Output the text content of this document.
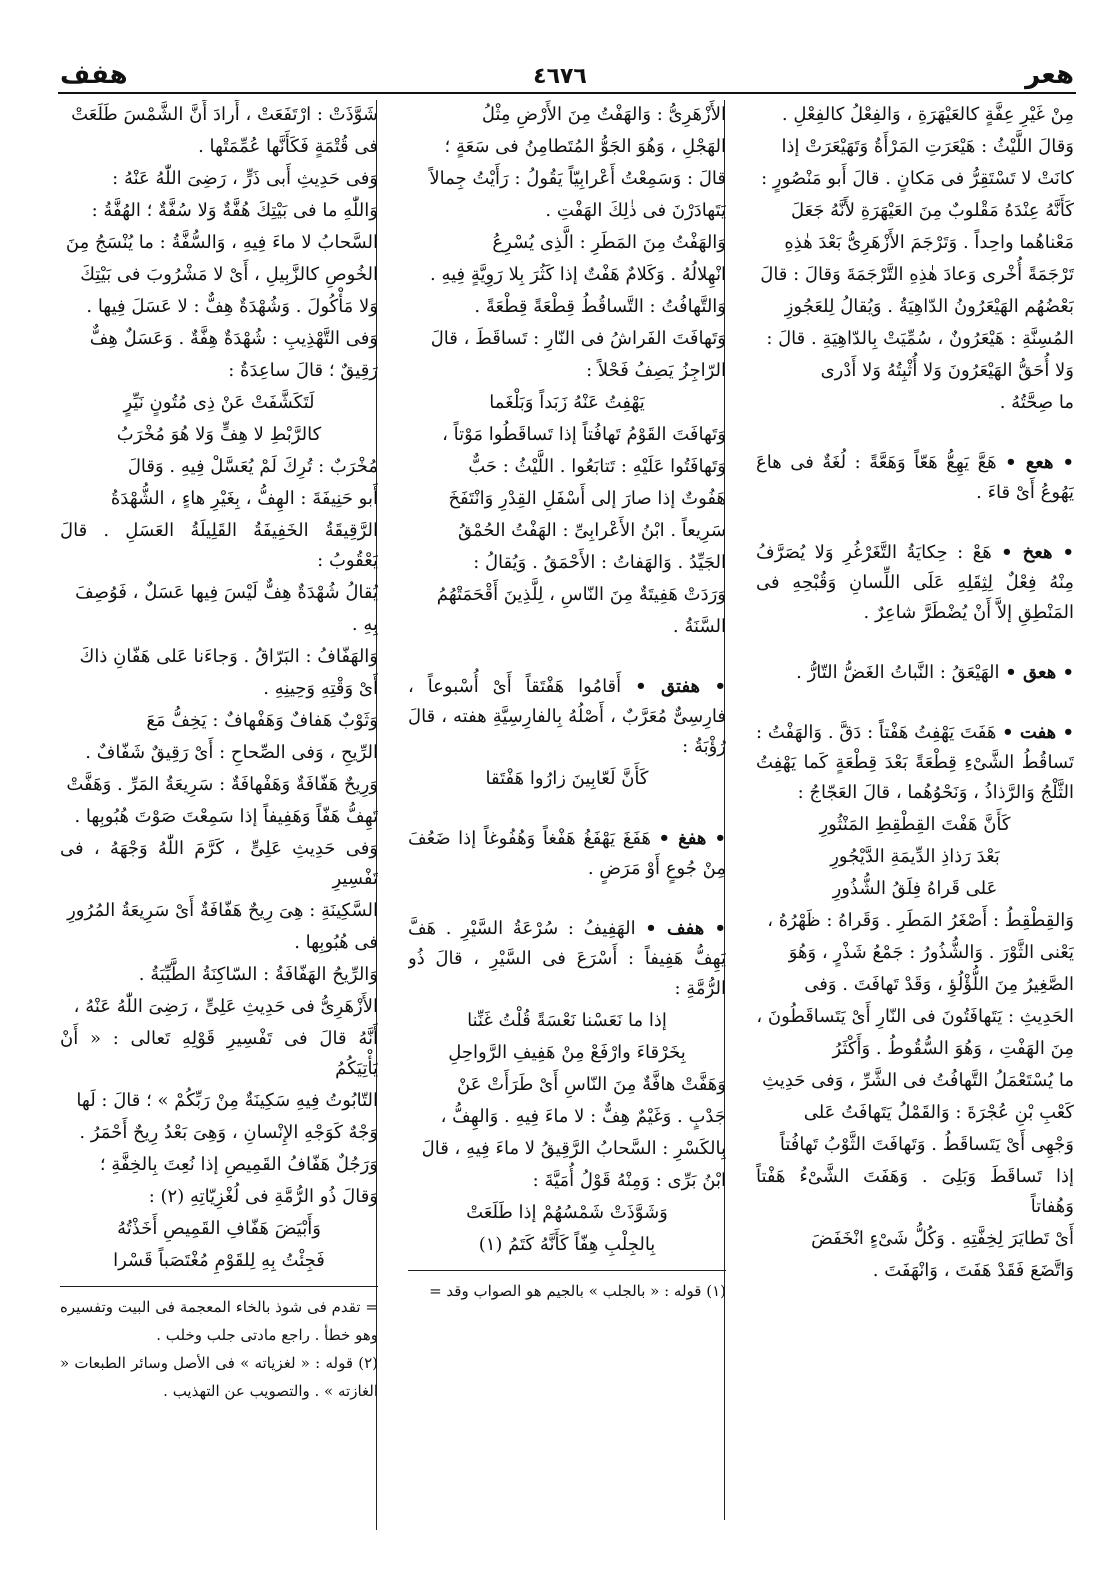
هعر
٤٦٧٦
هفف

مِنْ غَيْرِ عِفَّةٍ كالعَيْهَرَةِ ، وَالفِعْلُ كالفِعْلِ .

وَقالَ اللَّيْثُ : هَيْعَرَتِ المَرْأَةُ وَتَهَيْعَرَتْ إذا

كانَتْ لا تَسْتَقِرُّ فى مَكانٍ . قالَ أَبو مَنْصُورٍ :

كَأَنَّهُ عِنْدَهُ مَقْلوبٌ مِنَ العَيْهَرَةِ لأَنَّهُ جَعَلَ

مَعْناهُما واحِداً . وَتَرْجَمَ الأَزْهَرِىُّ بَعْدَ هٰذِهِ

تَرْجَمَةً أُخْرى وَعادَ هٰذِهِ التَّرْجَمَةَ وَقالَ : قالَ

بَعْضُهُم الهَيْعَرُونُ الدّاهِيَةُ . وَيُقالُ لِلعَجُوزِ

المُسِنَّةِ : هَيْعَرُونٌ ، سُمِّيَتْ بِالدّاهِيَةِ . قالَ :

وَلا أُحَقُّ الهَيْعَرُونَ وَلا أُثْبِتُهُ وَلا أَدْرى

ما صِحَّتُهُ .

• هعع • هَعَّ يَهِعُّ هَعّاً وَهَعَّةً : لُغَةٌ فى هاعَ يَهُوعُ أَىْ قاءَ .

• هعخ • هَعْ : حِكايَةُ التَّغَرْغُرِ وَلا يُصَرَّفُ مِنْهُ فِعْلٌ لِثِقَلِهِ عَلَى اللِّسانِ وَقُبْحِهِ فى المَنْطِقِ إلاَّ أَنْ يُضْطَرَّ شاعِرٌ .

• هعق • الهَيْعَقُ : النَّباتُ الغَضُّ التّارُّ .

• هفت • هَفَتَ يَهْفِتُ هَفْتاً : دَقَّ . وَالهَفْتُ : تَساقُطُ الشَّىْءِ قِطْعَةً بَعْدَ قِطْعَةٍ كَما يَهْفِتُ الثَّلْجُ وَالرَّذاذُ ، وَنَحْوُهُما ، قالَ العَجّاجُ :

كَأَنَّ هَفْتَ القِطْقِطِ المَنْثُورِ

بَعْدَ رَذاذِ الدِّيمَةِ الدَّيْجُورِ

عَلى قَراهُ فِلَقُ الشُّذُورِ

وَالقِطْقِطُ : أَصْغَرُ المَطَرِ . وَقَراهُ : ظَهْرُهُ ،

يَعْنى الثَّوْرَ . وَالشُّذُورُ : جَمْعُ شَذْرٍ ، وَهُوَ

الصَّغِيرُ مِنَ اللُّؤْلُؤِ ، وَقَدْ تَهافَتَ . وَفى

الحَدِيثِ : يَتَهافَتُونَ فى النّارِ أَىْ يَتَساقَطُونَ ،

مِنَ الهَفْتِ ، وَهُوَ السُّقُوطُ . وَأَكْثَرُ

ما يُسْتَعْمَلُ التَّهافُتُ فى الشَّرِّ ، وَفى حَدِيثِ

كَعْبِ بْنِ عُجْرَةَ : وَالقَمْلُ يَتَهافَتُ عَلى

وَجْهِى أَىْ يَتَساقَطُ . وَتَهافَتَ الثَّوْبُ تَهافُتاً

إذا تَساقَطَ وَبَلِىَ . وَهَفَتَ الشَّىْءُ هَفْتاً وَهُفاتاً

أَىْ تَطايَرَ لِخِفَّتِهِ . وَكُلُّ شَىْءٍ انْخَفَضَ

وَاتَّضَعَ فَقَدْ هَفَتَ ، وَانْهَفَتَ .

الأَزْهَرِىُّ : وَالهَفْتُ مِنَ الأَرْضِ مِثْلُ

الهَجْلِ ، وَهُوَ الجَوُّ المُتَطامِنُ فى سَعَةٍ ؛

قالَ : وَسَمِعْتُ أَعْرابِيّاً يَقُولُ : رَأَيْتُ جِمالاً

يَتَهادَرْنَ فى ذٰلِكَ الهَفْتِ .

وَالهَفْتُ مِنَ المَطَرِ : الَّذِى يُسْرِعُ

انْهِلالُهُ . وَكَلامٌ هَفْتٌ إذا كَثُرَ بِلا رَوِيَّةٍ فِيهِ .

وَالتَّهافُتُ : التَّساقُطُ قِطْعَةً قِطْعَةً .

وَتَهافَتَ الفَراشُ فى النّارِ : تَساقَطَ ، قالَ

الرّاجِزُ يَصِفُ فَحْلاً :

يَهْفِتُ عَنْهُ زَبَداً وَبَلْغَما

وَتَهافَتَ القَوْمُ تَهافُتاً إذا تَساقَطُوا مَوْتاً ،

وَتَهافَتُوا عَلَيْهِ : تَتابَعُوا . اللَّيْثُ : حَبٌّ

هَفُوتٌ إذا صارَ إلى أَسْفَلِ القِدْرِ وَانْتَفَخَ

سَرِيعاً . ابْنُ الأَعْرابِىِّ : الهَفْتُ الحُمْقُ

الجَيِّدُ . وَالهَفاتُ : الأَحْمَقُ . وَيُقالُ :

وَرَدَتْ هَفِيتَةٌ مِنَ النّاسِ ، لِلَّذِينَ أَقْحَمَتْهُمُ

السَّنَةُ .

• هفتق • أَقامُوا هَفْتَقاً أَىْ أُسْبوعاً ، فارِسِىٌّ مُعَرَّبٌ ، أَصْلُهُ بِالفارِسِيَّةِ هفته ، قالَ رُؤْبَةُ :

كَأَنَّ لَعّابِينَ زارُوا هَفْتَقا

• هفغ • هَفَغَ يَهْفَغُ هَفْغاً وَهُفُوغاً إذا ضَعُفَ مِنْ جُوعٍ أَوْ مَرَضٍ .

• هفف • الهَفِيفُ : سُرْعَةُ السَّيْرِ . هَفَّ يَهِفُّ هَفِيفاً : أَسْرَعَ فى السَّيْرِ ، قالَ ذُو الرُّمَّةِ :

إذا ما نَعَسْنا نَعْسَةً قُلْتُ غَنِّنا

بِخَرْقاءَ وارْفَعْ مِنْ هَفِيفِ الرَّواحِلِ

وَهَفَّتْ هافَّةٌ مِنَ النّاسِ أَىْ طَرَأَتْ عَنْ

جَدْبٍ . وَغَيْمٌ هِفٌّ : لا ماءَ فِيهِ . وَالهِفُّ ،

بِالكَسْرِ : السَّحابُ الرَّقِيقُ لا ماءَ فِيهِ ، قالَ

ابْنُ بَرِّى : وَمِنْهُ قَوْلُ أُمَيَّةَ :

وَشَوَّذَتْ شَمْسُهُمْ إذا طَلَعَتْ

بِالجِلْبِ هِفّاً كَأَنَّهُ كَتَمُ (١)

(١) قوله : « بالجلب » بالجيم هو الصواب وقد =

شَوَّذَتْ : ارْتَفَعَتْ ، أَرادَ أَنَّ الشَّمْسَ طَلَعَتْ

فى قُتْمَةٍ فَكَأَنَّها عُمِّمَتْها .

وَفى حَدِيثِ أَبى ذَرٍّ ، رَضِىَ اللّٰهُ عَنْهُ :

وَاللّٰهِ ما فى بَيْتِكَ هُفَّةٌ وَلا سُفَّةٌ ؛ الهُفَّةُ :

السَّحابُ لا ماءَ فِيهِ ، وَالسُّفَّةُ : ما يُنْسَجُ مِنَ

الخُوصِ كالزَّبِيلِ ، أَىْ لا مَشْرُوبَ فى بَيْتِكَ

وَلا مَأْكُولَ . وَشُهْدَةٌ هِفٌّ : لا عَسَلَ فِيها .

وَفى التَّهْذِيبِ : شُهْدَةٌ هِفَّةٌ . وَعَسَلٌ هِفٌّ

رَقِيقٌ ؛ قالَ ساعِدَةُ :

لَتَكَشَّفَتْ عَنْ ذِى مُتُونٍ نَيِّرٍ

كالرَّبْطِ لا هِفٍّ وَلا هُوَ مُخْرَبُ

مُخْرَبٌ : تُرِكَ لَمْ يُعَسَّلْ فِيهِ . وَقالَ

أَبو حَنِيفَةَ : الهِفُّ ، بِغَيْرِ هاءٍ ، الشُّهْدَةُ

الرَّقِيقَةُ الخَفِيفَةُ القَلِيلَةُ العَسَلِ . قالَ يَعْقُوبُ :

يُقالُ شُهْدَةٌ هِفٌّ لَيْسَ فِيها عَسَلٌ ، فَوُصِفَ

بِهِ .

وَالهَفّافُ : البَرّاقُ . وَجاءَنا عَلى هَفّانِ ذاكَ

أَىْ وَقْتِهِ وَحِينِهِ .

وَثَوْبٌ هَفافٌ وَهَفْهافٌ : يَخِفُّ مَعَ

الرِّيحِ ، وَفى الصِّحاحِ : أَىْ رَقِيقٌ شَفّافٌ .

وَرِيحٌ هَفّافَةٌ وَهَفْهافَةٌ : سَرِيعَةُ المَرِّ . وَهَفَّتْ

تَهِفُّ هَفّاً وَهَفِيفاً إذا سَمِعْتَ صَوْتَ هُبُوبِها .

وَفى حَدِيثِ عَلِىٍّ ، كَرَّمَ اللّٰهُ وَجْهَهُ ، فى تَفْسِيرِ

السَّكِينَةِ : هِىَ رِيحٌ هَفّافَةٌ أَىْ سَرِيعَةُ المُرُورِ

فى هُبُوبِها .

وَالرِّيحُ الهَفّافَةُ : السّاكِنَةُ الطَّيِّبَةُ .

الأَزْهَرِىُّ فى حَدِيثِ عَلِىٍّ ، رَضِىَ اللّٰهُ عَنْهُ ،

أَنَّهُ قالَ فى تَفْسِيرِ قَوْلِهِ تَعالى : « أَنْ يَأْتِيَكُمُ

التّابُوتُ فِيهِ سَكِينَةٌ مِنْ رَبِّكُمْ » ؛ قالَ : لَها

وَجْهٌ كَوَجْهِ الإِنْسانِ ، وَهِىَ بَعْدُ رِيحٌ أَحْمَرُ .

وَرَجُلٌ هَفّافُ القَمِيصِ إذا نُعِتَ بِالخِفَّةِ ؛

وَقالَ ذُو الرُّمَّةِ فى لُغْزِيّاتِهِ (٢) :

وَأَبْيَضَ هَفّافِ القَمِيصِ أَخَذْتُهُ

فَجِئْتُ بِهِ لِلقَوْمِ مُغْتَصَباً قَسْرا

= تقدم فى شوذ بالخاء المعجمة فى البيت وتفسيره وهو خطأ . راجع مادتى جلب وخلب .

(٢) قوله : « لغزياته » فى الأصل وسائر الطبعات « الغازته » . والتصويب عن التهذيب .
